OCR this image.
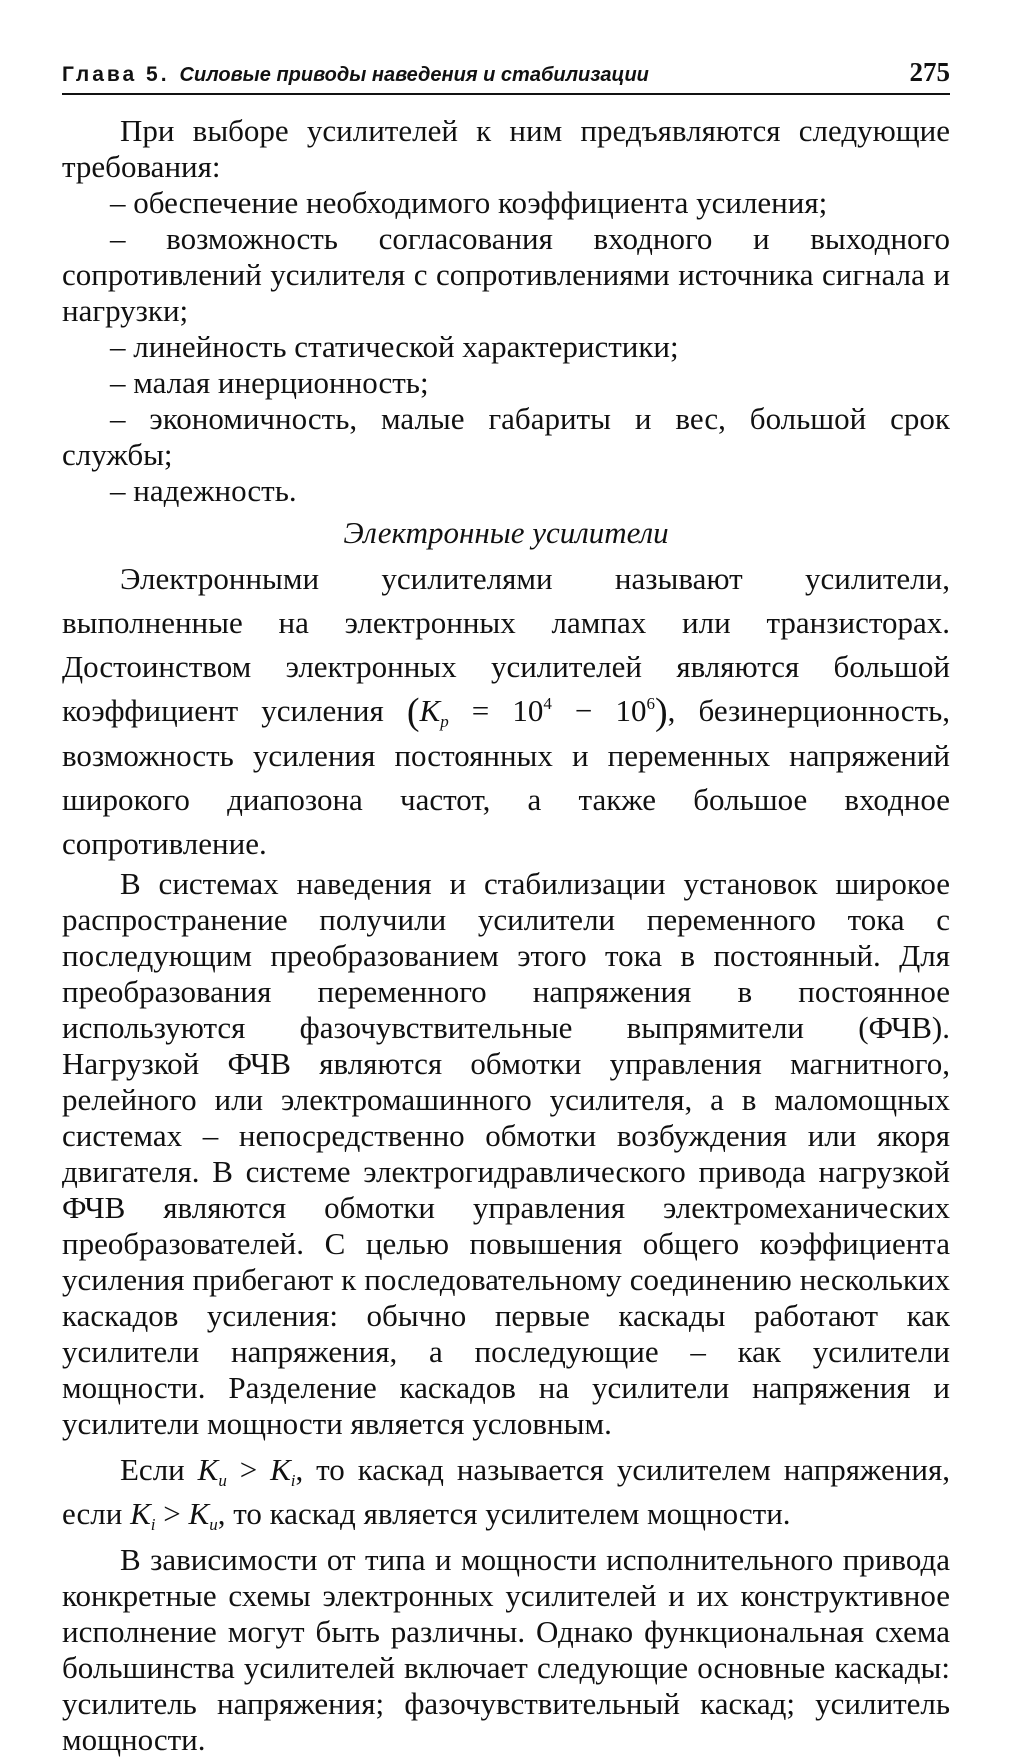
Глава 5. Силовые приводы наведения и стабилизации	275

При выборе усилителей к ним предъявляются следующие требования:

– обеспечение необходимого коэффициента усиления;

– возможность согласования входного и выходного сопротивлений усилителя с сопротивлениями источника сигнала и нагрузки;

– линейность статической характеристики;

– малая инерционность;

– экономичность, малые габариты и вес, большой срок службы;

– надежность.

Электронные усилители

Электронными усилителями называют усилители, выполненные на электронных лампах или транзисторах. Достоинством электронных усилителей являются большой коэффициент усиления $(K_p = 10^4 - 10^6)$, безинерционность, возможность усиления постоянных и переменных напряжений широкого диапозона частот, а также большое входное сопротивление.

В системах наведения и стабилизации установок широкое распространение получили усилители переменного тока с последующим преобразованием этого тока в постоянный. Для преобразования переменного напряжения в постоянное используются фазочувствительные выпрямители (ФЧВ). Нагрузкой ФЧВ являются обмотки управления магнитного, релейного или электромашинного усилителя, а в маломощных системах – непосредственно обмотки возбуждения или якоря двигателя. В системе электрогидравлического привода нагрузкой ФЧВ являются обмотки управления электромеханических преобразователей. С целью повышения общего коэффициента усиления прибегают к последовательному соединению нескольких каскадов усиления: обычно первые каскады работают как усилители напряжения, а последующие – как усилители мощности. Разделение каскадов на усилители напряжения и усилители мощности является условным.

Если $K_u > K_i$, то каскад называется усилителем напряжения, если $K_i > K_u$, то каскад является усилителем мощности.

В зависимости от типа и мощности исполнительного привода конкретные схемы электронных усилителей и их конструктивное исполнение могут быть различны. Однако функциональная схема большинства усилителей включает следующие основные каскады: усилитель напряжения; фазочувствительный каскад; усилитель мощности.
